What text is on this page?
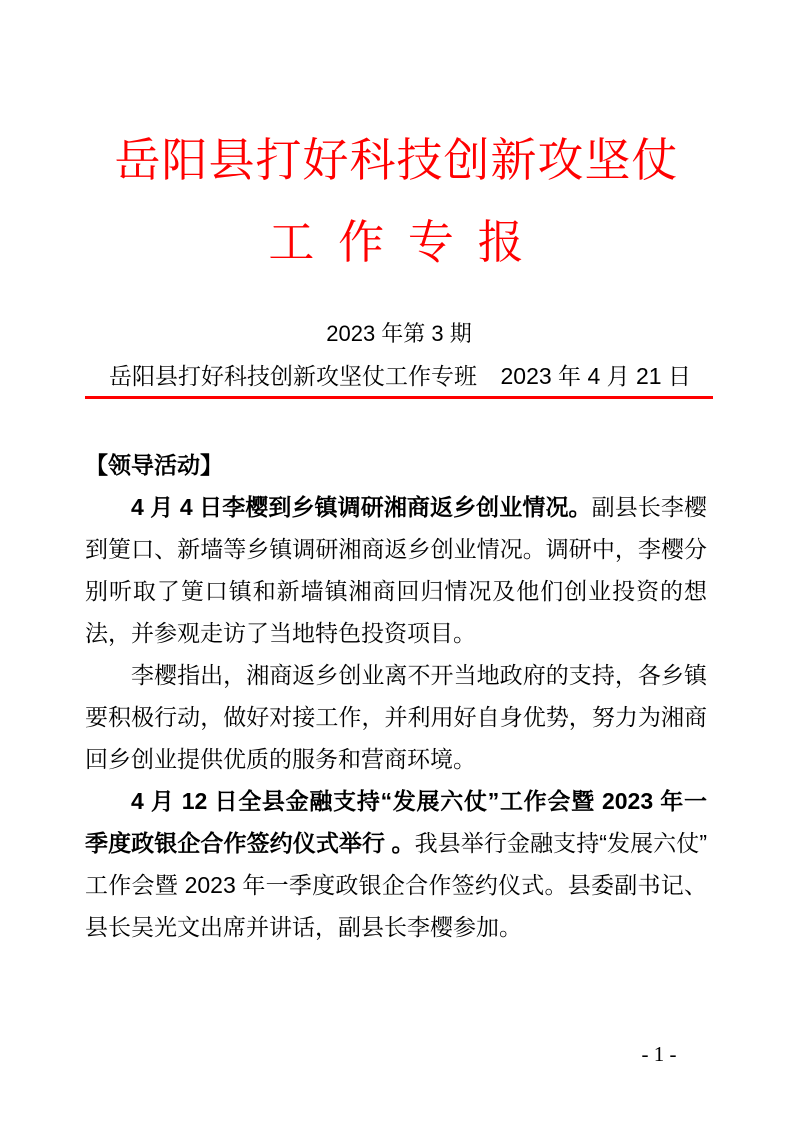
岳阳县打好科技创新攻坚仗
工 作 专 报
2023 年第 3 期
岳阳县打好科技创新攻坚仗工作专班 2023 年 4 月 21 日

【领导活动】

4 月 4 日李樱到乡镇调研湘商返乡创业情况。副县长李樱到筻口、新墙等乡镇调研湘商返乡创业情况。调研中，李樱分别听取了筻口镇和新墙镇湘商回归情况及他们创业投资的想法，并参观走访了当地特色投资项目。

李樱指出，湘商返乡创业离不开当地政府的支持，各乡镇要积极行动，做好对接工作，并利用好自身优势，努力为湘商回乡创业提供优质的服务和营商环境。

4 月 12 日全县金融支持“发展六仗”工作会暨 2023 年一季度政银企合作签约仪式举行 。我县举行金融支持“发展六仗”工作会暨 2023 年一季度政银企合作签约仪式。县委副书记、县长吴光文出席并讲话，副县长李樱参加。

- 1 -
